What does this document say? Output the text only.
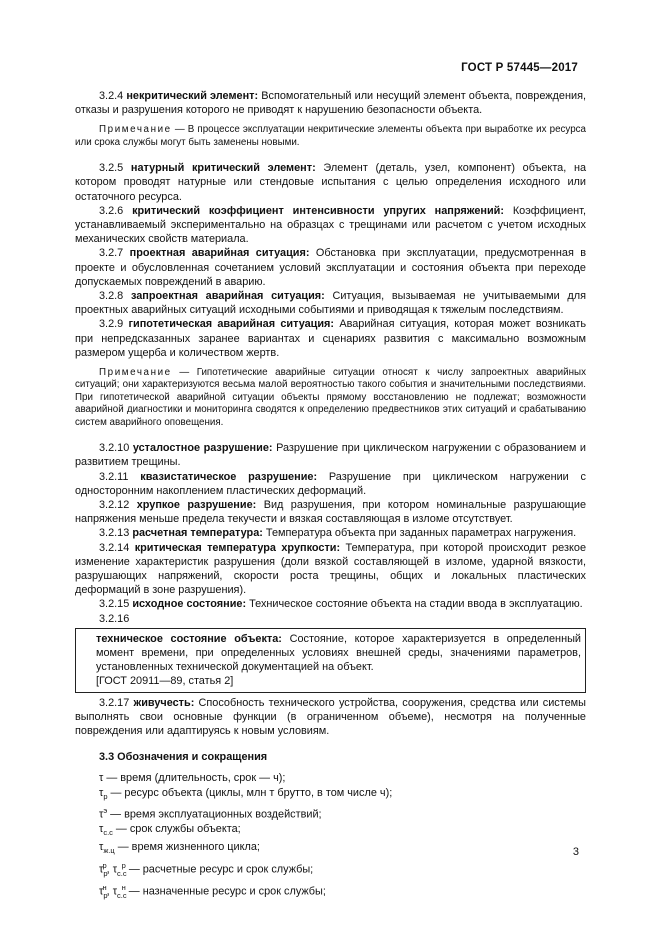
ГОСТ Р 57445—2017

3.2.4 некритический элемент: Вспомогательный или несущий элемент объекта, повреждения, отказы и разрушения которого не приводят к нарушению безопасности объекта.

Примечание — В процессе эксплуатации некритические элементы объекта при выработке их ресурса или срока службы могут быть заменены новыми.

3.2.5 натурный критический элемент: Элемент (деталь, узел, компонент) объекта, на котором проводят натурные или стендовые испытания с целью определения исходного или остаточного ресурса.

3.2.6 критический коэффициент интенсивности упругих напряжений: Коэффициент, устанавливаемый экспериментально на образцах с трещинами или расчетом с учетом исходных механических свойств материала.

3.2.7 проектная аварийная ситуация: Обстановка при эксплуатации, предусмотренная в проекте и обусловленная сочетанием условий эксплуатации и состояния объекта при переходе допускаемых повреждений в аварию.

3.2.8 запроектная аварийная ситуация: Ситуация, вызываемая не учитываемыми для проектных аварийных ситуаций исходными событиями и приводящая к тяжелым последствиям.

3.2.9 гипотетическая аварийная ситуация: Аварийная ситуация, которая может возникать при непредсказанных заранее вариантах и сценариях развития с максимально возможным размером ущерба и количеством жертв.

Примечание — Гипотетические аварийные ситуации относят к числу запроектных аварийных ситуаций; они характеризуются весьма малой вероятностью такого события и значительными последствиями. При гипотетической аварийной ситуации объекты прямому восстановлению не подлежат; возможности аварийной диагностики и мониторинга сводятся к определению предвестников этих ситуаций и срабатыванию систем аварийного оповещения.

3.2.10 усталостное разрушение: Разрушение при циклическом нагружении с образованием и развитием трещины.

3.2.11 квазистатическое разрушение: Разрушение при циклическом нагружении с односторонним накоплением пластических деформаций.

3.2.12 хрупкое разрушение: Вид разрушения, при котором номинальные разрушающие напряжения меньше предела текучести и вязкая составляющая в изломе отсутствует.

3.2.13 расчетная температура: Температура объекта при заданных параметрах нагружения.

3.2.14 критическая температура хрупкости: Температура, при которой происходит резкое изменение характеристик разрушения (доли вязкой составляющей в изломе, ударной вязкости, разрушающих напряжений, скорости роста трещины, общих и локальных пластических деформаций в зоне разрушения).

3.2.15 исходное состояние: Техническое состояние объекта на стадии ввода в эксплуатацию.

3.2.16

техническое состояние объекта: Состояние, которое характеризуется в определенный момент времени, при определенных условиях внешней среды, значениями параметров, установленных технической документацией на объект.

[ГОСТ 20911—89, статья 2]

3.2.17 живучесть: Способность технического устройства, сооружения, средства или системы выполнять свои основные функции (в ограниченном объеме), несмотря на полученные повреждения или адаптируясь к новым условиям.

3.3 Обозначения и сокращения

τ — время (длительность, срок — ч);

$\tau_р$ — ресурс объекта (циклы, млн т брутто, в том числе ч);

$\tau^э$ — время эксплуатационных воздействий;

$\tau_{с.с}$ — срок службы объекта;

$\tau_{ж.ц}$ — время жизненного цикла;

$\tau_р^р$, $\tau_{с.с}^р$ — расчетные ресурс и срок службы;

$\tau_р^н$, $\tau_{с.с}^н$ — назначенные ресурс и срок службы;

3
